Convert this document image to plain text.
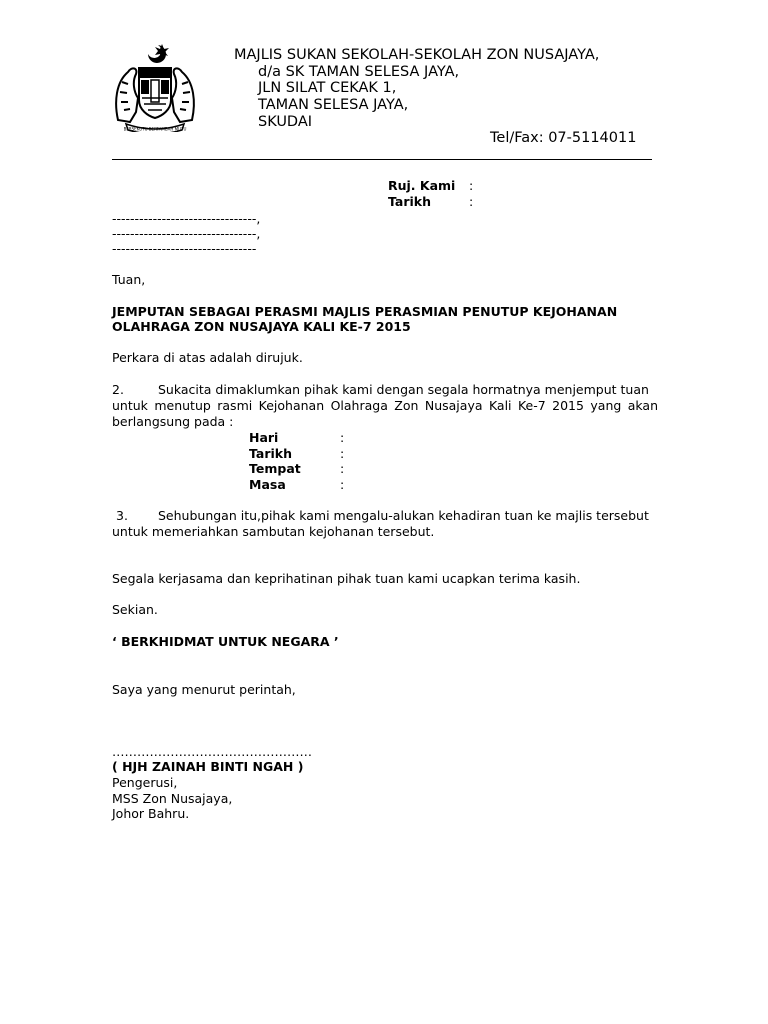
BERSEKUTU BERTAMBAH MUTU
MAJLIS SUKAN SEKOLAH-SEKOLAH ZON NUSAJAYA,
d/a SK TAMAN SELESA JAYA,
JLN SILAT CEKAK 1,
TAMAN SELESA JAYA,
SKUDAI
Tel/Fax: 07-5114011
Ruj. Kami :
Tarikh	:
--------------------------------,
--------------------------------,
--------------------------------
Tuan,
JEMPUTAN SEBAGAI PERASMI MAJLIS PERASMIAN PENUTUP KEJOHANAN
OLAHRAGA ZON NUSAJAYA KALI KE-7 2015
Perkara di atas adalah dirujuk.
2.	Sukacita dimaklumkan pihak kami dengan segala hormatnya menjemput tuan

untuk menutup rasmi Kejohanan Olahraga Zon Nusajaya Kali Ke-7 2015 yang akan berlangsung pada :

Hari	:
Tarikh	:
Tempat	:
Masa	:
3. Sehubungan itu,pihak kami mengalu-alukan kehadiran tuan ke majlis tersebut
untuk memeriahkan sambutan kejohanan tersebut.
Segala kerjasama dan keprihatinan pihak tuan kami ucapkan terima kasih.
Sekian.
‘ BERKHIDMAT UNTUK NEGARA ’
Saya yang menurut perintah,
…………………………………………
( HJH ZAINAH BINTI NGAH )
Pengerusi,
MSS Zon Nusajaya,
Johor Bahru.
